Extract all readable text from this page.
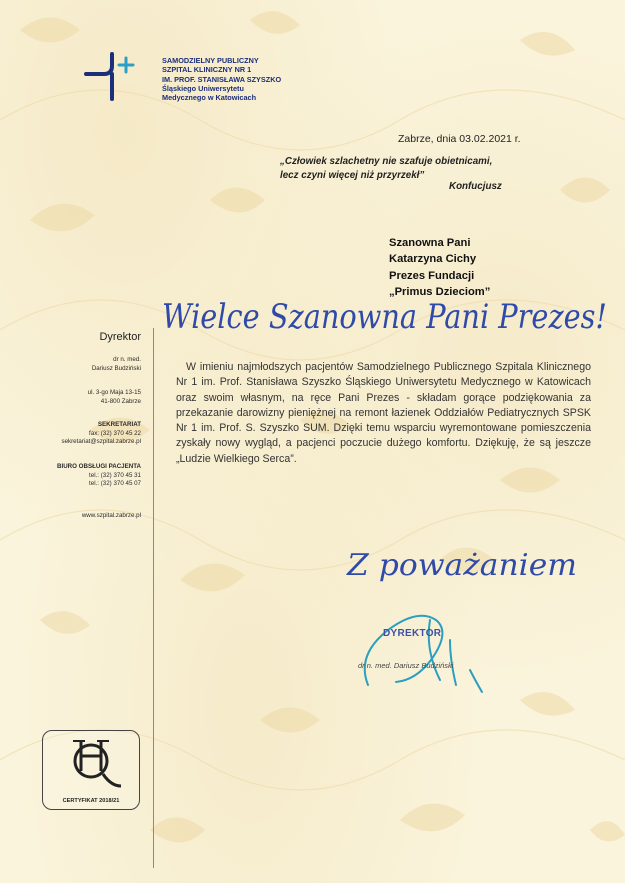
SAMODZIELNY PUBLICZNY
SZPITAL KLINICZNY NR 1
IM. PROF. STANISŁAWA SZYSZKO
Śląskiego Uniwersytetu
Medycznego w Katowicach
Zabrze, dnia 03.02.2021 r.
„Człowiek szlachetny nie szafuje obietnicami,
lecz czyni więcej niż przyrzekł”
Konfucjusz
Szanowna Pani
Katarzyna Cichy
Prezes Fundacji
„Primus Dzieciom”
Wielce Szanowna Pani Prezes!
Dyrektor
dr n. med.
Dariusz Budziński
ul. 3-go Maja 13-15
41-800 Zabrze
SEKRETARIAT
fax: (32) 370 45 22
sekretariat@szpital.zabrze.pl
BIURO OBSŁUGI PACJENTA
tel.: (32) 370 45 31
tel.: (32) 370 45 07
www.szpital.zabrze.pl
W imieniu najmłodszych pacjentów Samodzielnego Publicznego Szpitala Klinicznego Nr 1 im. Prof. Stanisława Szyszko Śląskiego Uniwersytetu Medycznego w Katowicach oraz swoim własnym, na ręce Pani Prezes - składam gorące podziękowania za przekazanie darowizny pieniężnej na remont łazienek Oddziałów Pediatrycznych SPSK Nr 1 im. Prof. S. Szyszko SUM. Dzięki temu wsparciu wyremontowane pomieszczenia zyskały nowy wygląd, a pacjenci poczucie dużego komfortu. Dziękuję, że są jeszcze „Ludzie Wielkiego Serca”.
Z poważaniem
DYREKTOR
dr n. med. Dariusz Budziński
CERTYFIKAT 2018/21
